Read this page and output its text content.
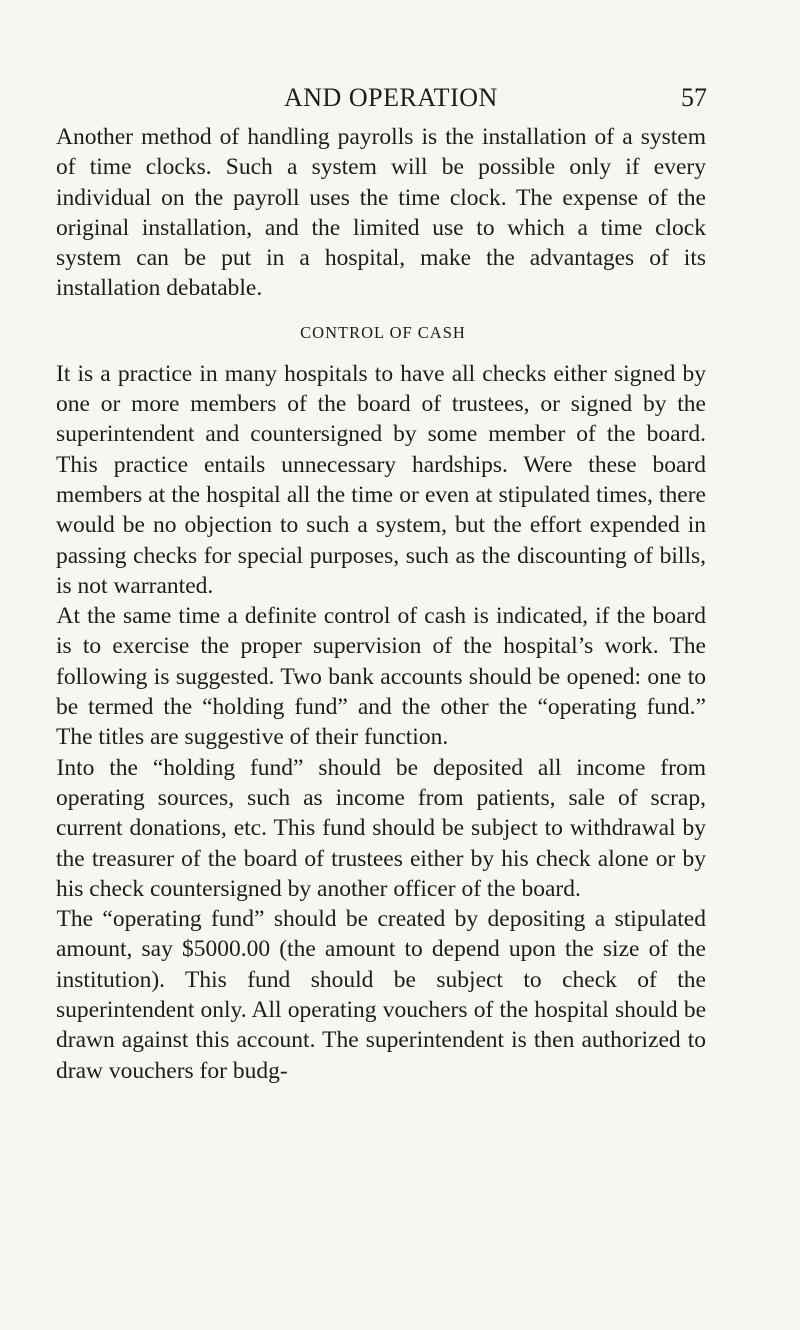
AND OPERATION	57

Another method of handling payrolls is the installation of a system of time clocks. Such a system will be possible only if every individual on the payroll uses the time clock. The expense of the original installation, and the limited use to which a time clock system can be put in a hospital, make the advantages of its installation debatable.

CONTROL OF CASH

It is a practice in many hospitals to have all checks either signed by one or more members of the board of trustees, or signed by the superintendent and countersigned by some member of the board. This practice entails unnecessary hardships. Were these board members at the hospital all the time or even at stipulated times, there would be no objection to such a system, but the effort expended in passing checks for special purposes, such as the discounting of bills, is not warranted.

At the same time a definite control of cash is indicated, if the board is to exercise the proper supervision of the hospital’s work. The following is suggested. Two bank accounts should be opened: one to be termed the “holding fund” and the other the “operating fund.” The titles are suggestive of their function.

Into the “holding fund” should be deposited all income from operating sources, such as income from patients, sale of scrap, current donations, etc. This fund should be subject to withdrawal by the treasurer of the board of trustees either by his check alone or by his check countersigned by another officer of the board.

The “operating fund” should be created by depositing a stipulated amount, say $5000.00 (the amount to depend upon the size of the institution). This fund should be subject to check of the superintendent only. All operating vouchers of the hospital should be drawn against this account. The superintendent is then authorized to draw vouchers for budg-
